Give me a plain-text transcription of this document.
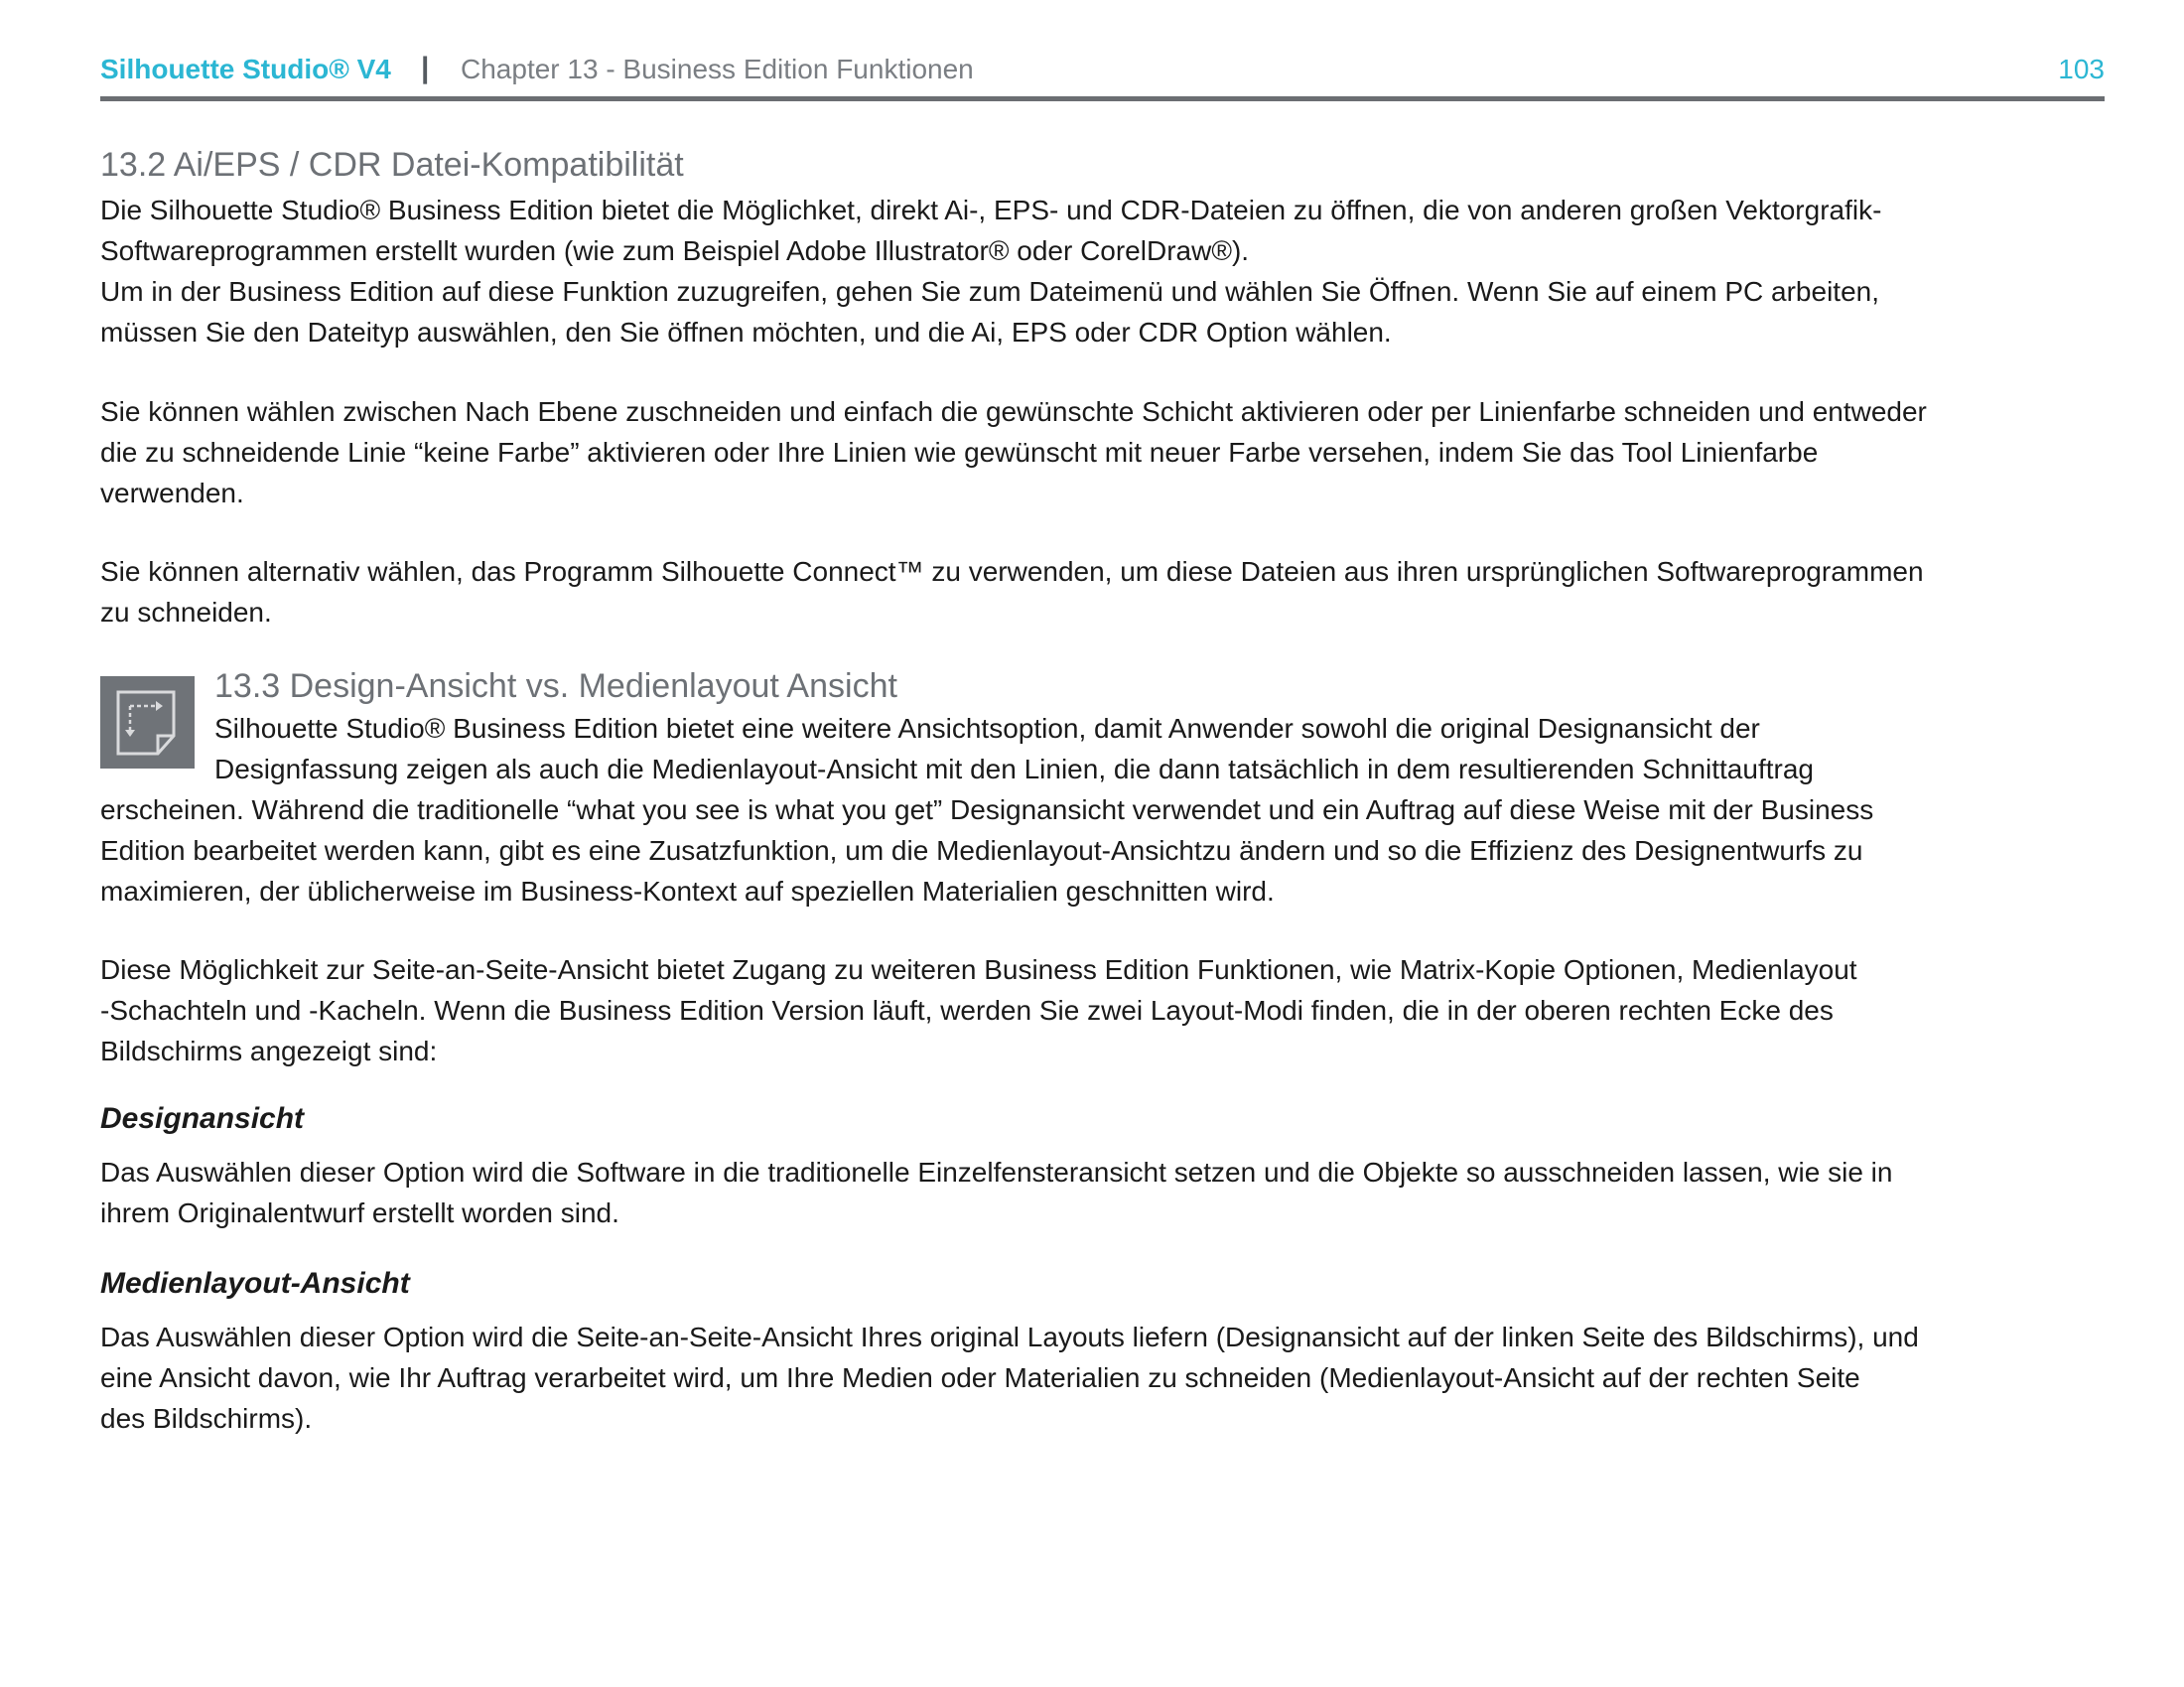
Silhouette Studio® V4 | Chapter 13 - Business Edition Funktionen	103
13.2 Ai/EPS / CDR Datei-Kompatibilität

Die Silhouette Studio® Business Edition bietet die Möglichket, direkt Ai-, EPS- und CDR-Dateien zu öffnen, die von anderen großen Vektorgrafik-

Softwareprogrammen erstellt wurden (wie zum Beispiel Adobe Illustrator® oder CorelDraw®).

Um in der Business Edition auf diese Funktion zuzugreifen, gehen Sie zum Dateimenü und wählen Sie Öffnen. Wenn Sie auf einem PC arbeiten,

müssen Sie den Dateityp auswählen, den Sie öffnen möchten, und die Ai, EPS oder CDR Option wählen.

Sie können wählen zwischen Nach Ebene zuschneiden und einfach die gewünschte Schicht aktivieren oder per Linienfarbe schneiden und entweder

die zu schneidende Linie “keine Farbe” aktivieren oder Ihre Linien wie gewünscht mit neuer Farbe versehen, indem Sie das Tool Linienfarbe

verwenden.

Sie können alternativ wählen, das Programm Silhouette Connect™ zu verwenden, um diese Dateien aus ihren ursprünglichen Softwareprogrammen

zu schneiden.

13.3 Design-Ansicht vs. Medienlayout Ansicht

Silhouette Studio® Business Edition bietet eine weitere Ansichtsoption, damit Anwender sowohl die original Designansicht der

Designfassung zeigen als auch die Medienlayout-Ansicht mit den Linien, die dann tatsächlich in dem resultierenden Schnittauftrag

erscheinen. Während die traditionelle “what you see is what you get” Designansicht verwendet und ein Auftrag auf diese Weise mit der Business

Edition bearbeitet werden kann, gibt es eine Zusatzfunktion, um die Medienlayout-Ansichtzu ändern und so die Effizienz des Designentwurfs zu

maximieren, der üblicherweise im Business-Kontext auf speziellen Materialien geschnitten wird.

Diese Möglichkeit zur Seite-an-Seite-Ansicht bietet Zugang zu weiteren Business Edition Funktionen, wie Matrix-Kopie Optionen, Medienlayout

-Schachteln und -Kacheln. Wenn die Business Edition Version läuft, werden Sie zwei Layout-Modi finden, die in der oberen rechten Ecke des

Bildschirms angezeigt sind:

Designansicht

Das Auswählen dieser Option wird die Software in die traditionelle Einzelfensteransicht setzen und die Objekte so ausschneiden lassen, wie sie in

ihrem Originalentwurf erstellt worden sind.

Medienlayout-Ansicht

Das Auswählen dieser Option wird die Seite-an-Seite-Ansicht Ihres original Layouts liefern (Designansicht auf der linken Seite des Bildschirms), und

eine Ansicht davon, wie Ihr Auftrag verarbeitet wird, um Ihre Medien oder Materialien zu schneiden (Medienlayout-Ansicht auf der rechten Seite

des Bildschirms).
